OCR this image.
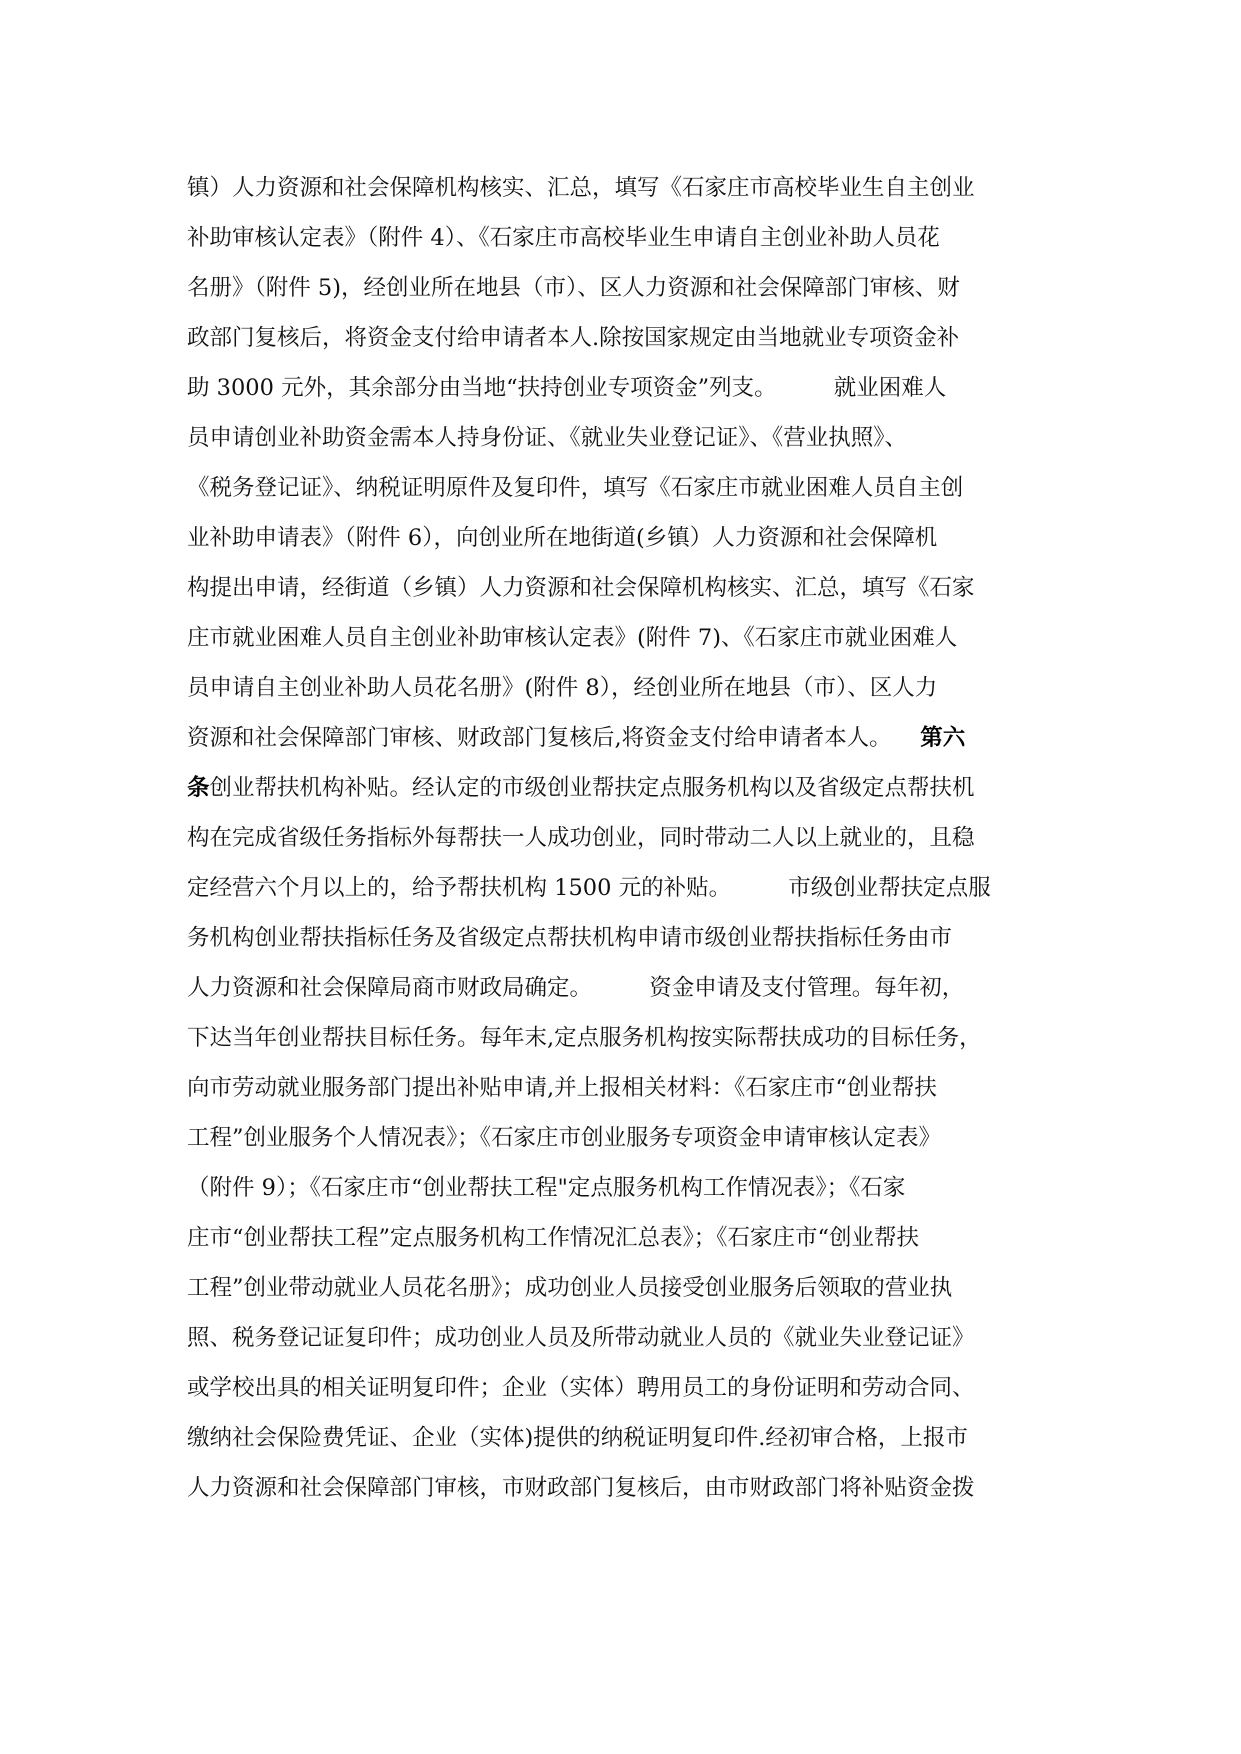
镇）人力资源和社会保障机构核实、汇总，填写《石家庄市高校毕业生自主创业
补助审核认定表》（附件 4）、《石家庄市高校毕业生申请自主创业补助人员花
名册》（附件 5)，经创业所在地县（市）、区人力资源和社会保障部门审核、财
政部门复核后，将资金支付给申请者本人.除按国家规定由当地就业专项资金补
助 3000 元外，其余部分由当地“扶持创业专项资金”列支。        就业困难人
员申请创业补助资金需本人持身份证、《就业失业登记证》、《营业执照》、
《税务登记证》、纳税证明原件及复印件，填写《石家庄市就业困难人员自主创
业补助申请表》（附件 6），向创业所在地街道(乡镇）人力资源和社会保障机
构提出申请，经街道（乡镇）人力资源和社会保障机构核实、汇总，填写《石家
庄市就业困难人员自主创业补助审核认定表》(附件 7)、《石家庄市就业困难人
员申请自主创业补助人员花名册》(附件 8），经创业所在地县（市）、区人力
资源和社会保障部门审核、财政部门复核后,将资金支付给申请者本人。    第六
条创业帮扶机构补贴。经认定的市级创业帮扶定点服务机构以及省级定点帮扶机
构在完成省级任务指标外每帮扶一人成功创业，同时带动二人以上就业的，且稳
定经营六个月以上的，给予帮扶机构 1500 元的补贴。        市级创业帮扶定点服
务机构创业帮扶指标任务及省级定点帮扶机构申请市级创业帮扶指标任务由市
人力资源和社会保障局商市财政局确定。        资金申请及支付管理。每年初，
下达当年创业帮扶目标任务。每年末,定点服务机构按实际帮扶成功的目标任务，
向市劳动就业服务部门提出补贴申请,并上报相关材料：《石家庄市“创业帮扶
工程”创业服务个人情况表》；《石家庄市创业服务专项资金申请审核认定表》
（附件 9）；《石家庄市“创业帮扶工程"定点服务机构工作情况表》；《石家
庄市“创业帮扶工程”定点服务机构工作情况汇总表》；《石家庄市“创业帮扶
工程”创业带动就业人员花名册》；成功创业人员接受创业服务后领取的营业执
照、税务登记证复印件；成功创业人员及所带动就业人员的《就业失业登记证》
或学校出具的相关证明复印件；企业（实体）聘用员工的身份证明和劳动合同、
缴纳社会保险费凭证、企业（实体)提供的纳税证明复印件.经初审合格，上报市
人力资源和社会保障部门审核，市财政部门复核后，由市财政部门将补贴资金拨
